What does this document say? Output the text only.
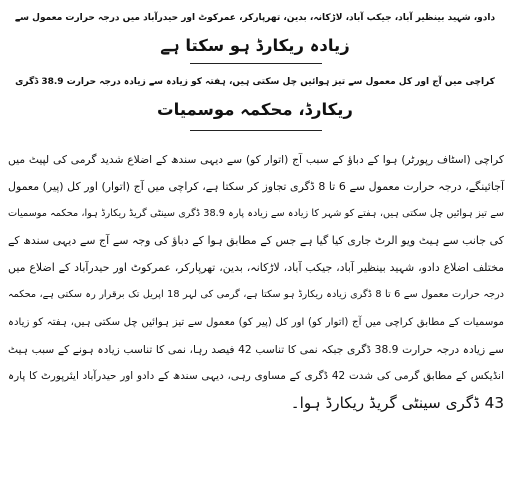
دادو، شہید بینظیر آباد، جیکب آباد، لاڑکانہ، بدین، تھرپارکر، عمرکوٹ اور حیدرآباد میں درجہ حرارت معمول سے
زیادہ ریکارڈ ہو سکتا ہے
کراچی میں آج اور کل معمول سے تیز ہوائیں چل سکتی ہیں، ہفتہ کو زیادہ سے زیادہ درجہ حرارت 38.9 ڈگری
ریکارڈ، محکمہ موسمیات
کراچی (اسٹاف رپورٹر) ہوا کے دباؤ کے سبب آج (اتوار کو) سے دیہی سندھ کے اضلاع شدید گرمی کی لپیٹ میں
آجائینگے، درجہ حرارت معمول سے 6 تا 8 ڈگری تجاوز کر سکتا ہے، کراچی میں آج (اتوار) اور کل (پیر) معمول
سے تیز ہوائیں چل سکتی ہیں، ہفتے کو شہر کا زیادہ سے زیادہ پارہ 38.9 ڈگری سینٹی گریڈ ریکارڈ ہوا، محکمہ موسمیات
کی جانب سے ہیٹ ویو الرٹ جاری کیا گیا ہے جس کے مطابق ہوا کے دباؤ کی وجہ سے آج سے دیہی سندھ کے
مختلف اضلاع دادو، شہید بینظیر آباد، جیکب آباد، لاڑکانہ، بدین، تھرپارکر، عمرکوٹ اور حیدرآباد کے اضلاع میں
درجہ حرارت معمول سے 6 تا 8 ڈگری زیادہ ریکارڈ ہو سکتا ہے، گرمی کی لہر 18 اپریل تک برقرار رہ سکتی ہے، محکمہ
موسمیات کے مطابق کراچی میں آج (اتوار کو) اور کل (پیر کو) معمول سے تیز ہوائیں چل سکتی ہیں، ہفتہ کو زیادہ
سے زیادہ درجہ حرارت 38.9 ڈگری جبکہ نمی کا تناسب 42 فیصد رہا، نمی کا تناسب زیادہ ہونے کے سبب ہیٹ
انڈیکس کے مطابق گرمی کی شدت 42 ڈگری کے مساوی رہی، دیہی سندھ کے دادو اور حیدرآباد ایئرپورٹ کا پارہ
43 ڈگری سینٹی گریڈ ریکارڈ ہوا۔
